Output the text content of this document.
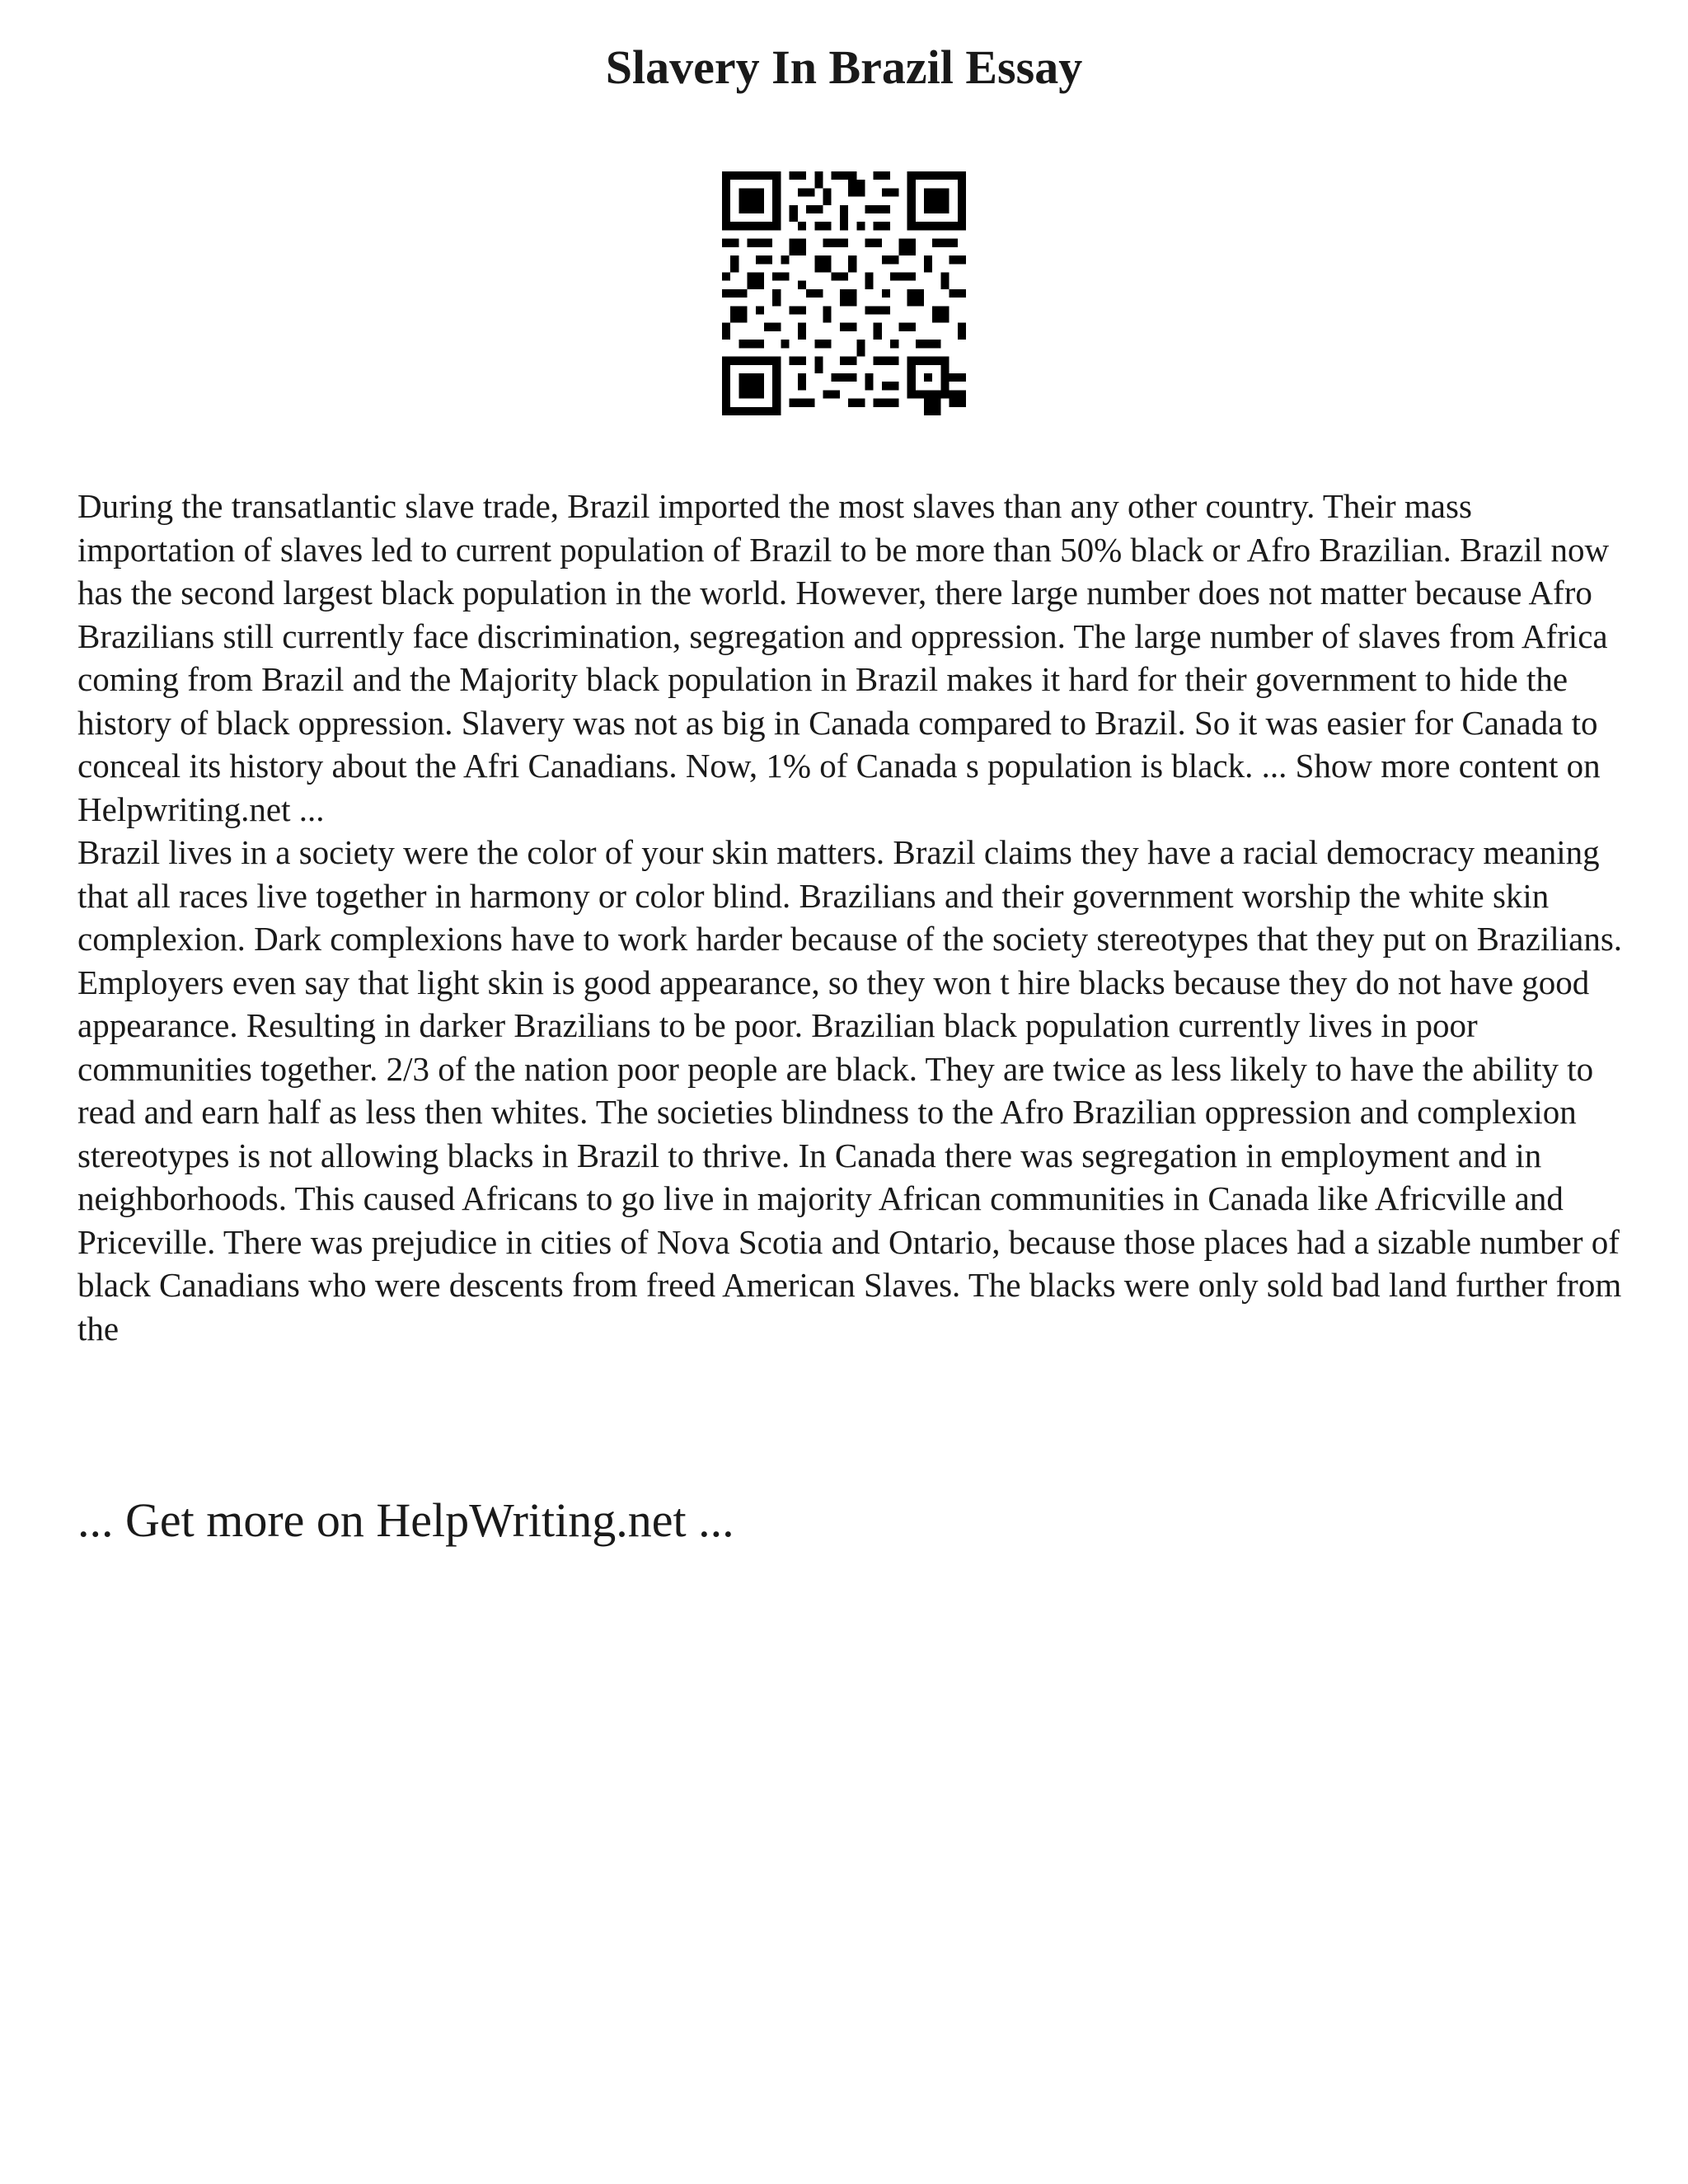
Slavery In Brazil Essay

During the transatlantic slave trade, Brazil imported the most slaves than any other country. Their mass importation of slaves led to current population of Brazil to be more than 50% black or Afro Brazilian. Brazil now has the second largest black population in the world. However, there large number does not matter because Afro Brazilians still currently face discrimination, segregation and oppression. The large number of slaves from Africa coming from Brazil and the Majority black population in Brazil makes it hard for their government to hide the history of black oppression. Slavery was not as big in Canada compared to Brazil. So it was easier for Canada to conceal its history about the Afri Canadians. Now, 1% of Canada s population is black. ... Show more content on Helpwriting.net ...

Brazil lives in a society were the color of your skin matters. Brazil claims they have a racial democracy meaning that all races live together in harmony or color blind. Brazilians and their government worship the white skin complexion. Dark complexions have to work harder because of the society stereotypes that they put on Brazilians. Employers even say that light skin is good appearance, so they won t hire blacks because they do not have good appearance. Resulting in darker Brazilians to be poor. Brazilian black population currently lives in poor communities together. 2/3 of the nation poor people are black. They are twice as less likely to have the ability to read and earn half as less then whites. The societies blindness to the Afro Brazilian oppression and complexion stereotypes is not allowing blacks in Brazil to thrive. In Canada there was segregation in employment and in neighborhoods. This caused Africans to go live in majority African communities in Canada like Africville and Priceville. There was prejudice in cities of Nova Scotia and Ontario, because those places had a sizable number of black Canadians who were descents from freed American Slaves. The blacks were only sold bad land further from the

... Get more on HelpWriting.net ...
